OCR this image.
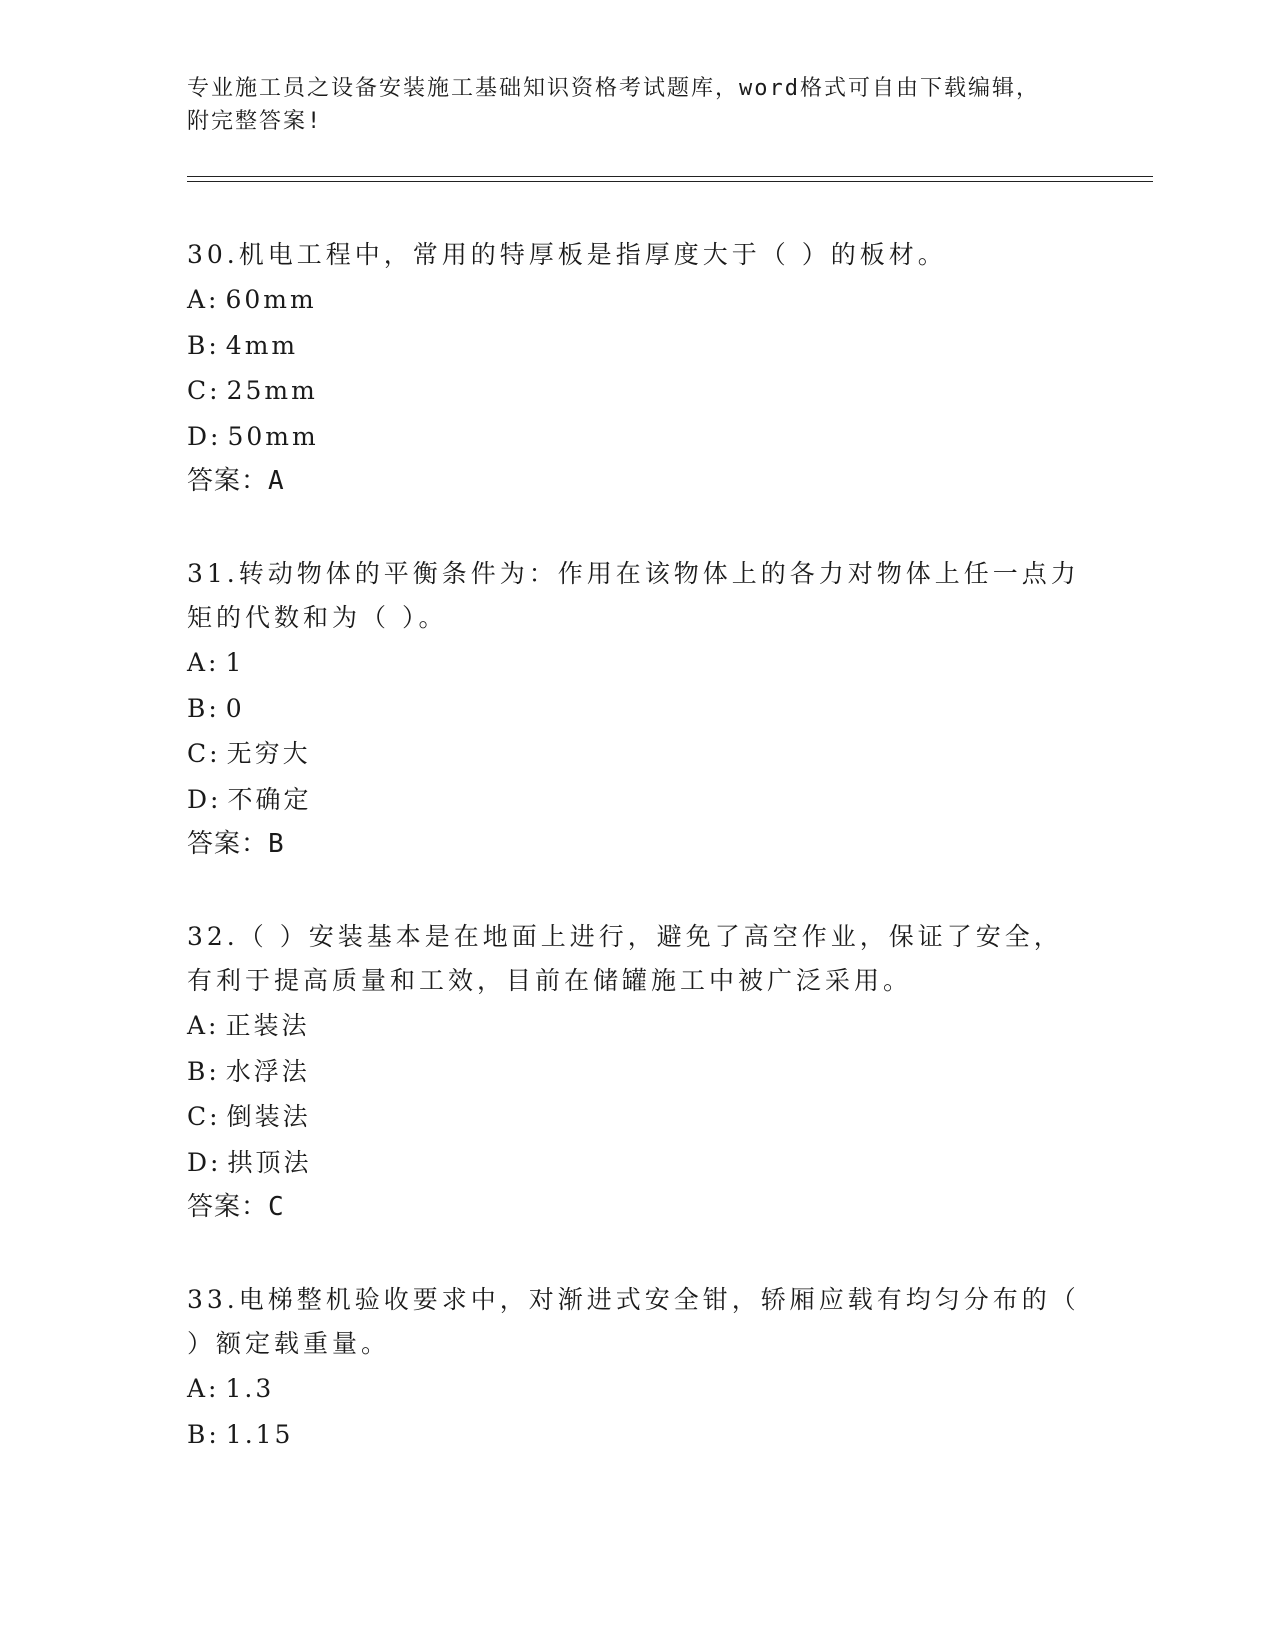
专业施工员之设备安装施工基础知识资格考试题库，word格式可自由下载编辑，
附完整答案!
30.机电工程中，常用的特厚板是指厚度大于（ ）的板材。
A: 60mm
B: 4mm
C: 25mm
D: 50mm
答案：A
31.转动物体的平衡条件为：作用在该物体上的各力对物体上任一点力
矩的代数和为（ ）。
A: 1
B: 0
C: 无穷大
D: 不确定
答案：B
32.（ ）安装基本是在地面上进行，避免了高空作业，保证了安全，
有利于提高质量和工效，目前在储罐施工中被广泛采用。
A: 正装法
B: 水浮法
C: 倒装法
D: 拱顶法
答案：C
33.电梯整机验收要求中，对渐进式安全钳，轿厢应载有均匀分布的（
）额定载重量。
A: 1.3
B: 1.15
